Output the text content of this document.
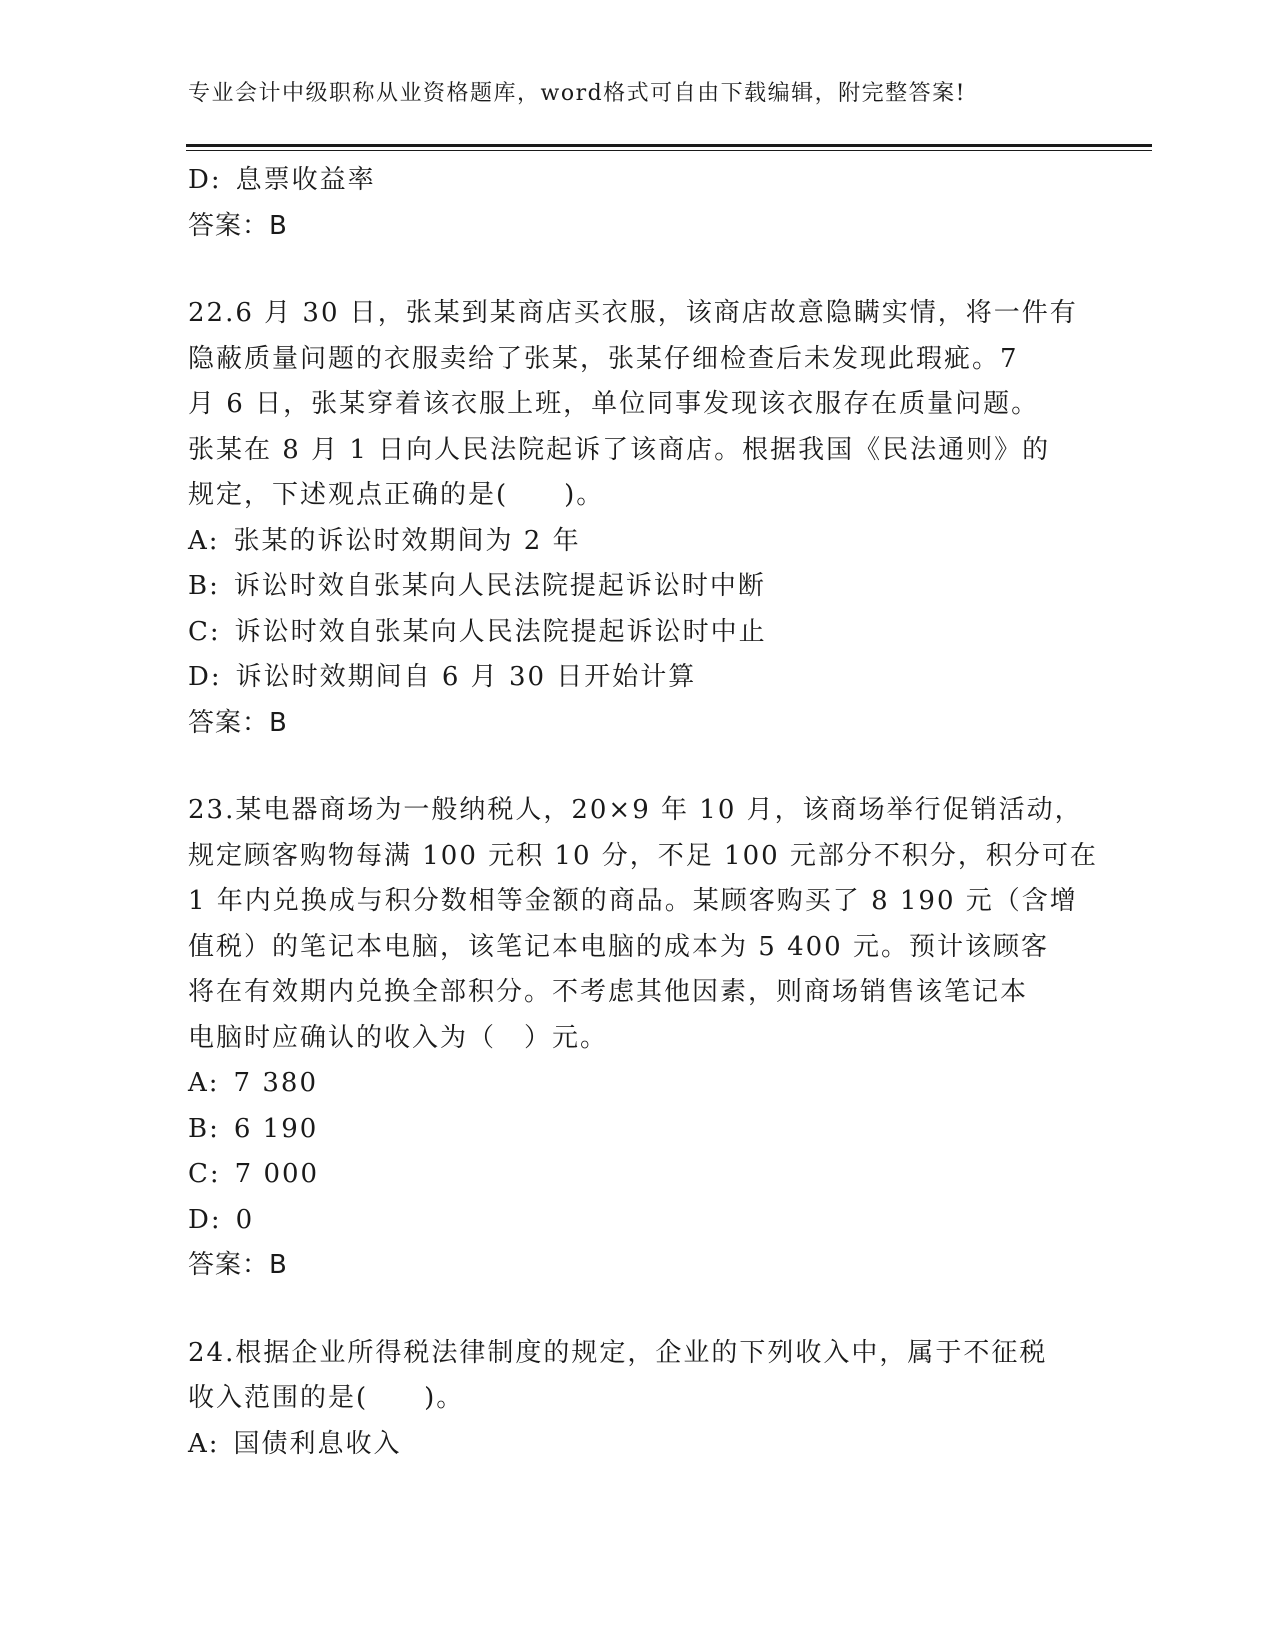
专业会计中级职称从业资格题库，word格式可自由下载编辑，附完整答案!
D: 息票收益率
答案：B
22.6 月 30 日，张某到某商店买衣服，该商店故意隐瞒实情，将一件有
隐蔽质量问题的衣服卖给了张某，张某仔细检查后未发现此瑕疵。7
月 6 日，张某穿着该衣服上班，单位同事发现该衣服存在质量问题。
张某在 8 月 1 日向人民法院起诉了该商店。根据我国《民法通则》的
规定，下述观点正确的是(　　)。
A: 张某的诉讼时效期间为 2 年
B: 诉讼时效自张某向人民法院提起诉讼时中断
C: 诉讼时效自张某向人民法院提起诉讼时中止
D: 诉讼时效期间自 6 月 30 日开始计算
答案：B
23.某电器商场为一般纳税人，20×9 年 10 月，该商场举行促销活动，
规定顾客购物每满 100 元积 10 分，不足 100 元部分不积分，积分可在
1 年内兑换成与积分数相等金额的商品。某顾客购买了 8 190 元（含增
值税）的笔记本电脑，该笔记本电脑的成本为 5 400 元。预计该顾客
将在有效期内兑换全部积分。不考虑其他因素，则商场销售该笔记本
电脑时应确认的收入为（　）元。
A: 7 380
B: 6 190
C: 7 000
D: 0
答案：B
24.根据企业所得税法律制度的规定，企业的下列收入中，属于不征税
收入范围的是(　　)。
A: 国债利息收入
